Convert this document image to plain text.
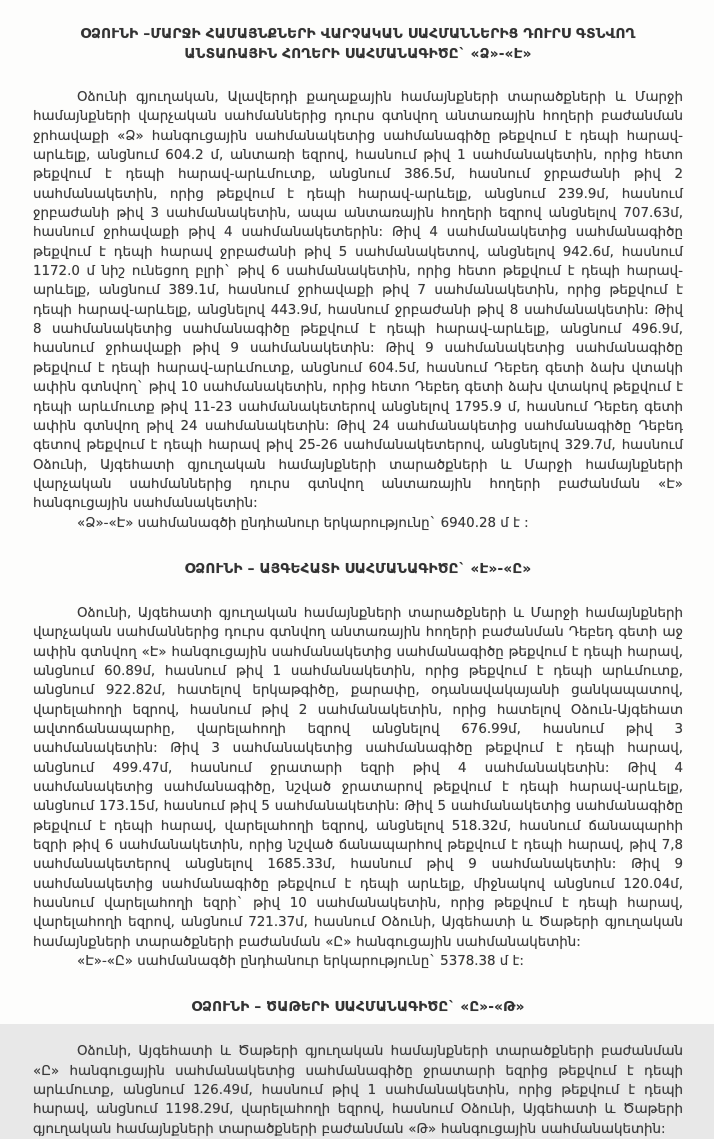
ՕՁՈՒՆԻ –ՄԱՐՋԻ ՀԱՄԱՅՆՔՆԵՐԻ ՎԱՐՉԱԿԱՆ ՍԱՀՄԱՆՆԵՐԻՑ ԴՈՒՐՍ ԳՏՆՎՈՂ ԱՆՏԱՌԱՅԻՆ ՀՈՂԵՐԻ ՍԱՀՄԱՆԱԳԻԾԸ` «Ձ»-«Է»

Օձունի գյուղական, Ալավերդի քաղաքային համայնքների տարածքների և Մարջի համայնքների վարչական սահմաններից դուրս գտնվող անտառային հողերի բաժանման ջրհավաքի «Ձ» հանգուցային սահմանակետից սահմանագիծը թեքվում է դեպի հարավ-արևելք, անցնում 604.2 մ, անտառի եզրով, հասնում թիվ 1 սահմանակետին, որից հետո թեքվում է դեպի հարավ-արևմուտք, անցնում 386.5մ, հասնում ջրբաժանի թիվ 2 սահմանակետին, որից թեքվում է դեպի հարավ-արևելք, անցնում 239.9մ, հասնում ջրբաժանի թիվ 3 սահմանակետին, ապա անտառային հողերի եզրով անցնելով 707.63մ, հասնում ջրհավաքի թիվ 4 սահմանակետերին: Թիվ 4 սահմանակետից սահմանագիծը թեքվում է դեպի հարավ ջրբաժանի թիվ 5 սահմանակետով, անցնելով 942.6մ, հասնում 1172.0 մ նիշ ունեցող բլրի` թիվ 6 սահմանակետին, որից հետո թեքվում է դեպի հարավ-արևելք, անցնում 389.1մ, հասնում ջրհավաքի թիվ 7 սահմանակետին, որից թեքվում է դեպի հարավ-արևելք, անցնելով 443.9մ, հասնում ջրբաժանի թիվ 8 սահմանակետին: Թիվ 8 սահմանակետից սահմանագիծը թեքվում է դեպի հարավ-արևելք, անցնում 496.9մ, հասնում ջրհավաքի թիվ 9 սահմանակետին: Թիվ 9 սահմանակետից սահմանագիծը թեքվում է դեպի հարավ-արևմուտք, անցնում 604.5մ, հասնում Դեբեդ գետի ձախ վտակի ափին գտնվող` թիվ 10 սահմանակետին, որից հետո Դեբեդ գետի ձախ վտակով թեքվում է դեպի արևմուտք թիվ 11-23 սահմանակետերով անցնելով 1795.9 մ, հասնում Դեբեդ գետի ափին գտնվող թիվ 24 սահմանակետին: Թիվ 24 սահմանակետից սահմանագիծը Դեբեդ գետով թեքվում է դեպի հարավ թիվ 25-26 սահմանակետերով, անցնելով 329.7մ, հասնում Օձունի, Այգեհատի գյուղական համայնքների տարածքների և Մարջի համայնքների վարչական սահմաններից դուրս գտնվող անտառային հողերի բաժանման «Է» հանգուցային սահմանակետին:

«Ձ»-«Է» սահմանագծի ընդհանուր երկարությունը` 6940.28 մ է :

ՕՁՈՒՆԻ – ԱՅԳԵՀԱՏԻ ՍԱՀՄԱՆԱԳԻԾԸ` «Է»-«Ը»

Օձունի, Այգեհատի գյուղական համայնքների տարածքների և Մարջի համայնքների վարչական սահմաններից դուրս գտնվող անտառային հողերի բաժանման Դեբեդ գետի աջ ափին գտնվող «Է» հանգուցային սահմանակետից սահմանագիծը թեքվում է դեպի հարավ, անցնում 60.89մ, հասնում թիվ 1 սահմանակետին, որից թեքվում է դեպի արևմուտք, անցնում 922.82մ, հատելով երկաթգիծը, քարափը, օդանավակայանի ցանկապատով, վարելահողի եզրով, հասնում թիվ 2 սահմանակետին, որից հատելով Օձուն-Այգեհատ ավտոճանապարհը, վարելահողի եզրով անցնելով 676.99մ, հասնում թիվ 3 սահմանակետին: Թիվ 3 սահմանակետից սահմանագիծը թեքվում է դեպի հարավ, անցնում 499.47մ, հասնում ջրատարի եզրի թիվ 4 սահմանակետին: Թիվ 4 սահմանակետից սահմանագիծը, նշված ջրատարով թեքվում է դեպի հարավ-արևելք, անցնում 173.15մ, հասնում թիվ 5 սահմանակետին: Թիվ 5 սահմանակետից սահմանագիծը թեքվում է դեպի հարավ, վարելահողի եզրով, անցնելով 518.32մ, հասնում ճանապարհի եզրի թիվ 6 սահմանակետին, որից նշված ճանապարհով թեքվում է դեպի հարավ, թիվ 7,8 սահմանակետերով անցնելով 1685.33մ, հասնում թիվ 9 սահմանակետին: Թիվ 9 սահմանակետից սահմանագիծը թեքվում է դեպի արևելք, միջնակով անցնում 120.04մ, հասնում վարելահողի եզրի` թիվ 10 սահմանակետին, որից թեքվում է դեպի հարավ, վարելահողի եզրով, անցնում 721.37մ, հասնում Օձունի, Այգեհատի և Ծաթերի գյուղական համայնքների տարածքների բաժանման «Ը» հանգուցային սահմանակետին:

«Է»-«Ը» սահմանագծի ընդհանուր երկարությունը` 5378.38 մ է:

ՕՁՈՒՆԻ – ԾԱԹԵՐԻ ՍԱՀՄԱՆԱԳԻԾԸ` «Ը»-«Թ»

Օձունի, Այգեհատի և Ծաթերի գյուղական համայնքների տարածքների բաժանման «Ը» հանգուցային սահմանակետից սահմանագիծը ջրատարի եզրից թեքվում է դեպի արևմուտք, անցնում 126.49մ, հասնում թիվ 1 սահմանակետին, որից թեքվում է դեպի հարավ, անցնում 1198.29մ, վարելահողի եզրով, հասնում Օձունի, Այգեհատի և Ծաթերի գյուղական համայնքների տարածքների բաժանման «Թ» հանգուցային սահմանակետին:
